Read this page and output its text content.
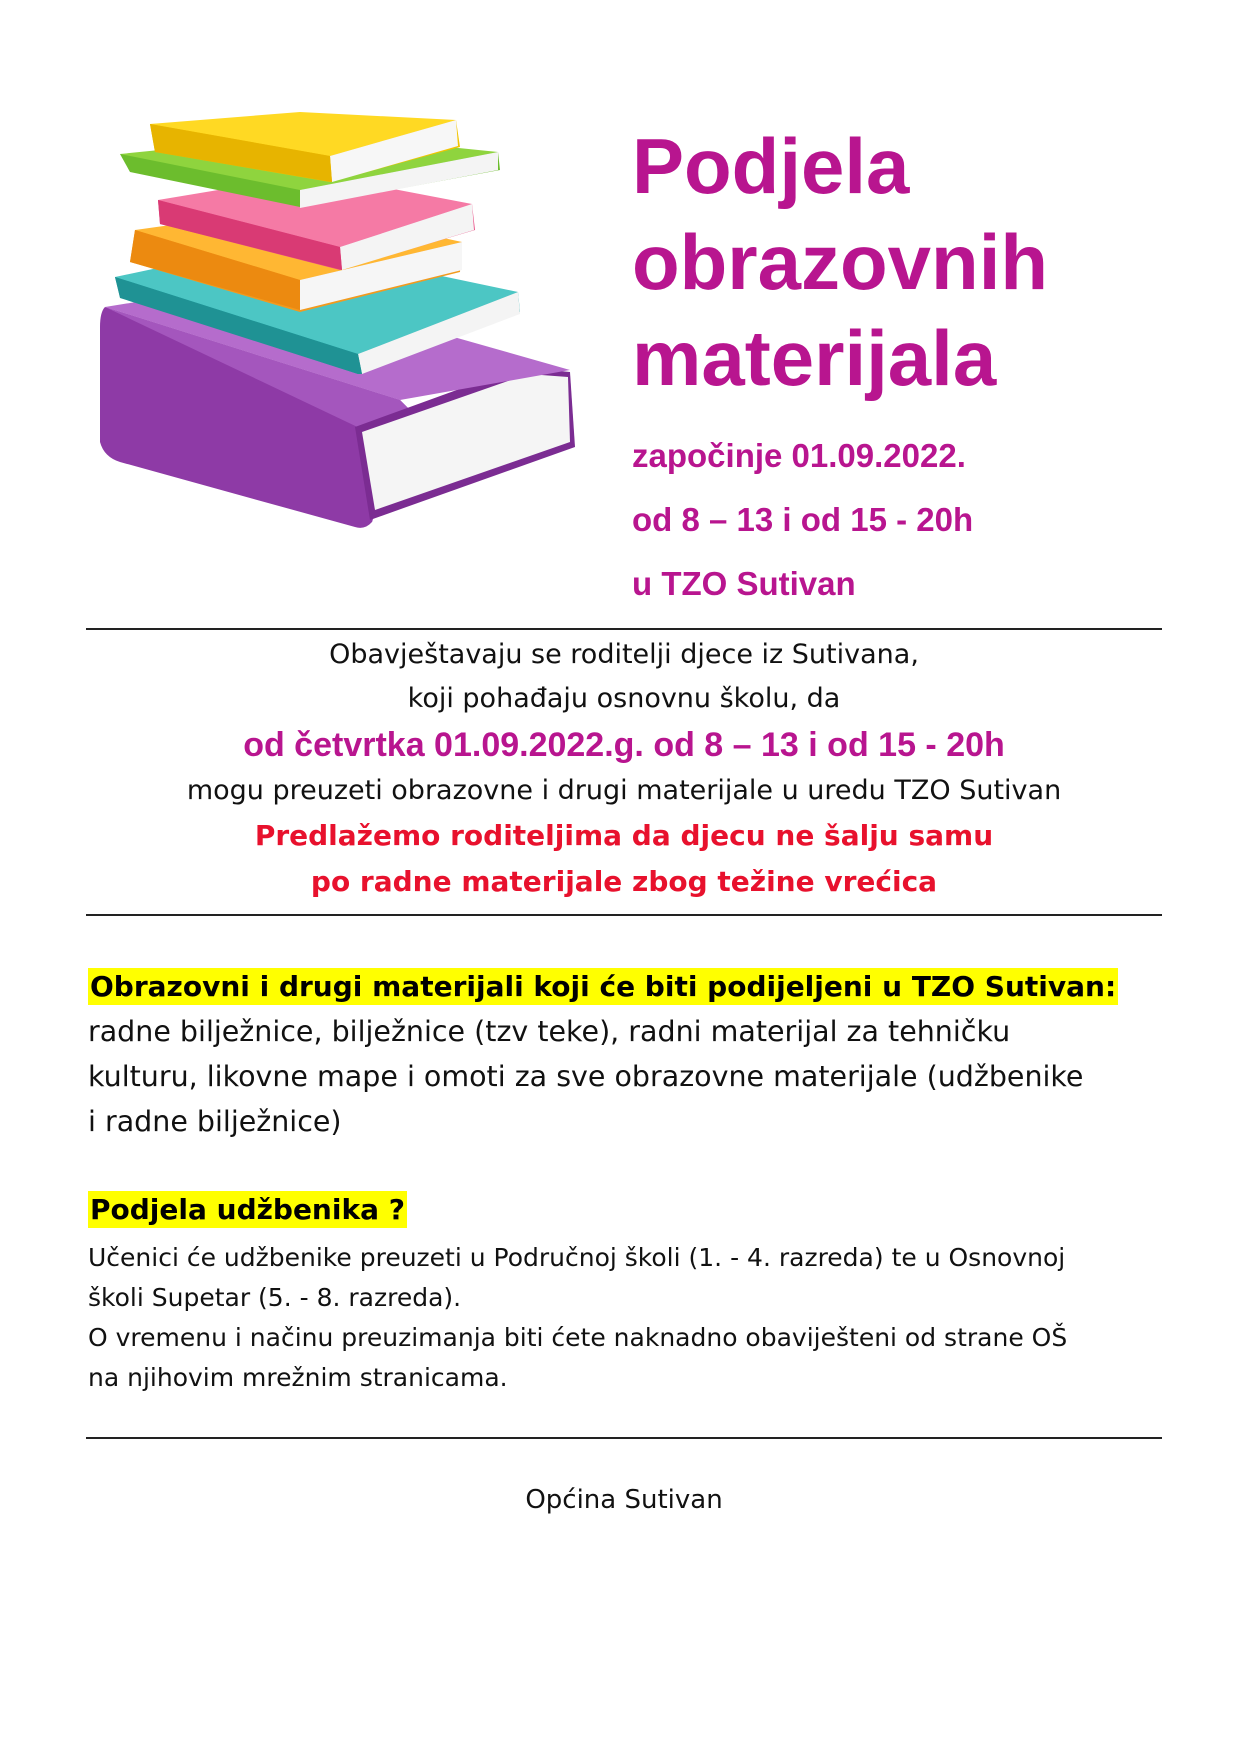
Podjela

obrazovnih

materijala

započinje 01.09.2022.

od 8 – 13 i od 15 - 20h

u TZO Sutivan

Obavještavaju se roditelji djece iz Sutivana,

koji pohađaju osnovnu školu, da

od četvrtka 01.09.2022.g. od 8 – 13 i od 15 - 20h

mogu preuzeti obrazovne i drugi materijale u uredu TZO Sutivan

Predlažemo roditeljima da djecu ne šalju samu

po radne materijale zbog težine vrećica

Obrazovni i drugi materijali koji će biti podijeljeni u TZO Sutivan:

radne bilježnice, bilježnice (tzv teke), radni materijal za tehničku

kulturu, likovne mape i omoti za sve obrazovne materijale (udžbenike

i radne bilježnice)

Podjela udžbenika ?

Učenici će udžbenike preuzeti u Područnoj školi (1. - 4. razreda) te u Osnovnoj

školi Supetar (5. - 8. razreda).

O vremenu i načinu preuzimanja biti ćete naknadno obaviješteni od strane OŠ

na njihovim mrežnim stranicama.

Općina Sutivan
